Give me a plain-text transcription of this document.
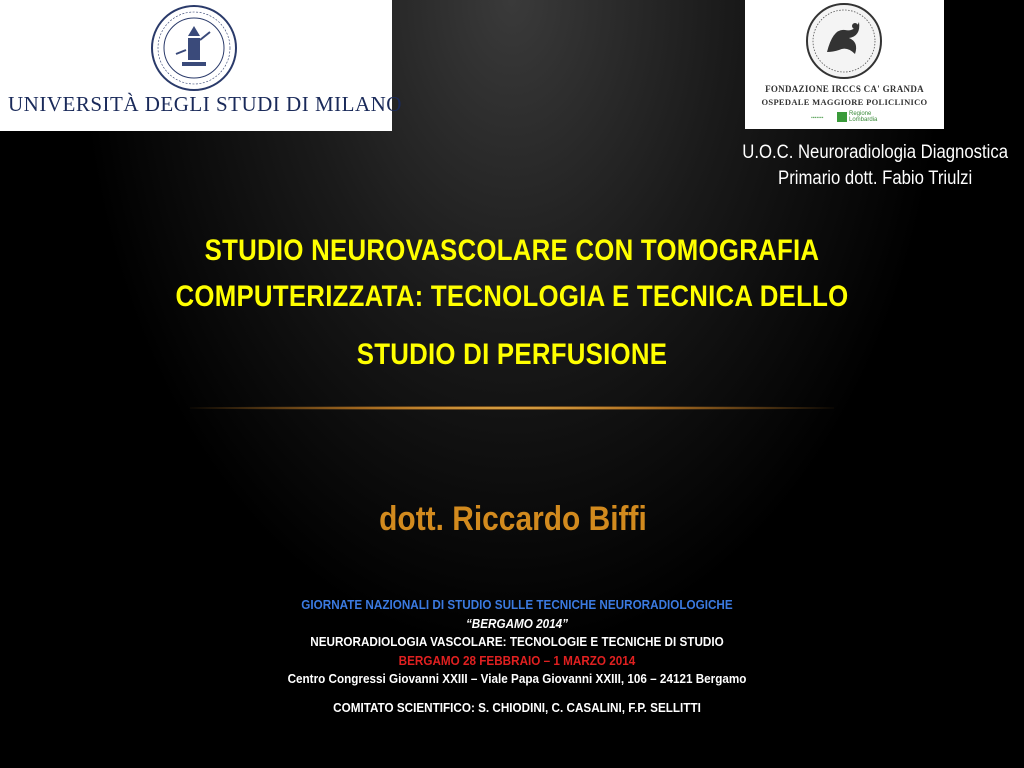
UNIVERSITÀ DEGLI STUDI DI MILANO
FONDAZIONE IRCCS CA' GRANDA
OSPEDALE MAGGIORE POLICLINICO
▪▪▪▪▪▪▪
Regione Lombardia
U.O.C. Neuroradiologia Diagnostica
Primario dott. Fabio Triulzi
STUDIO NEUROVASCOLARE CON TOMOGRAFIA
COMPUTERIZZATA: TECNOLOGIA E TECNICA DELLO
STUDIO DI PERFUSIONE
dott. Riccardo Biffi
GIORNATE NAZIONALI DI STUDIO SULLE TECNICHE NEURORADIOLOGICHE
“BERGAMO 2014”
NEURORADIOLOGIA VASCOLARE: TECNOLOGIE E TECNICHE DI STUDIO
BERGAMO 28 FEBBRAIO – 1 MARZO 2014
Centro Congressi Giovanni XXIII – Viale Papa Giovanni XXIII, 106 – 24121 Bergamo
COMITATO SCIENTIFICO: S. CHIODINI, C. CASALINI, F.P. SELLITTI
